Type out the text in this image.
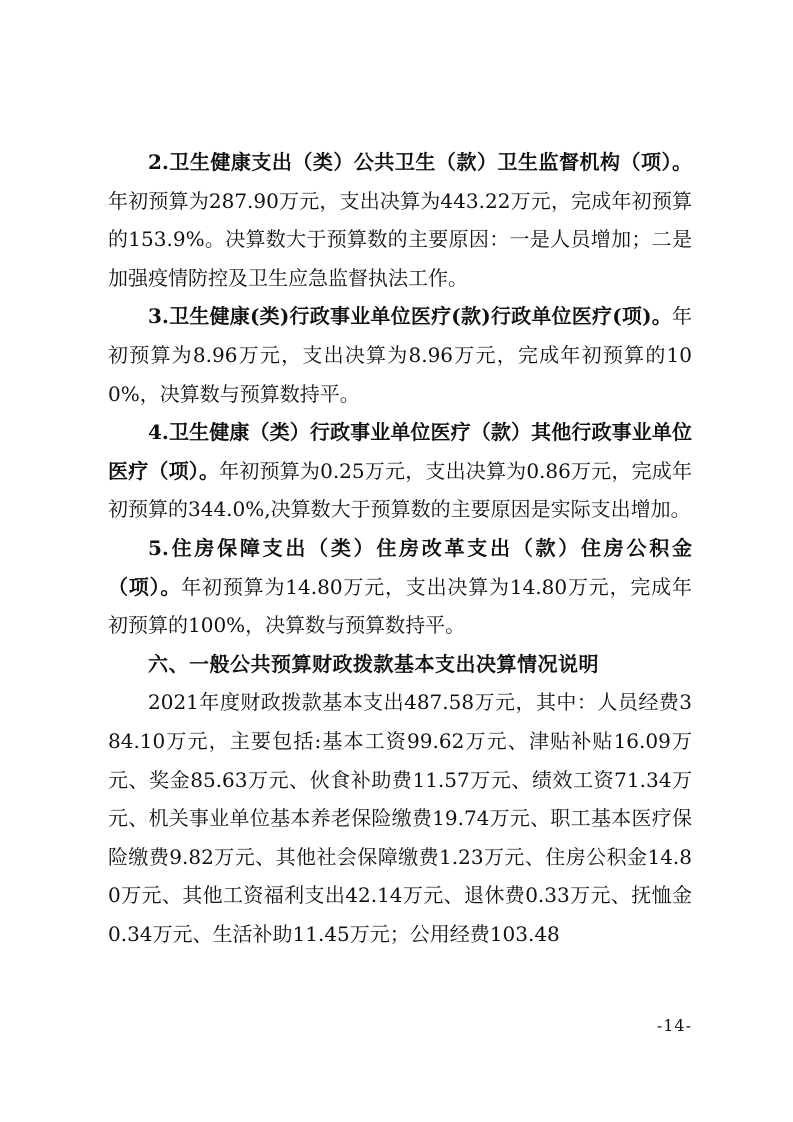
2.卫生健康支出（类）公共卫生（款）卫生监督机构（项）。年初预算为287.90万元，支出决算为443.22万元，完成年初预算的153.9%。决算数大于预算数的主要原因：一是人员增加；二是加强疫情防控及卫生应急监督执法工作。

3.卫生健康(类)行政事业单位医疗(款)行政单位医疗(项)。年初预算为8.96万元，支出决算为8.96万元，完成年初预算的100%，决算数与预算数持平。

4.卫生健康（类）行政事业单位医疗（款）其他行政事业单位医疗（项）。年初预算为0.25万元，支出决算为0.86万元，完成年初预算的344.0%,决算数大于预算数的主要原因是实际支出增加。

5.住房保障支出（类）住房改革支出（款）住房公积金（项）。年初预算为14.80万元，支出决算为14.80万元，完成年初预算的100%，决算数与预算数持平。

六、一般公共预算财政拨款基本支出决算情况说明

2021年度财政拨款基本支出487.58万元，其中：人员经费384.10万元，主要包括:基本工资99.62万元、津贴补贴16.09万元、奖金85.63万元、伙食补助费11.57万元、绩效工资71.34万元、机关事业单位基本养老保险缴费19.74万元、职工基本医疗保险缴费9.82万元、其他社会保障缴费1.23万元、住房公积金14.80万元、其他工资福利支出42.14万元、退休费0.33万元、抚恤金0.34万元、生活补助11.45万元；公用经费103.48

-14-
